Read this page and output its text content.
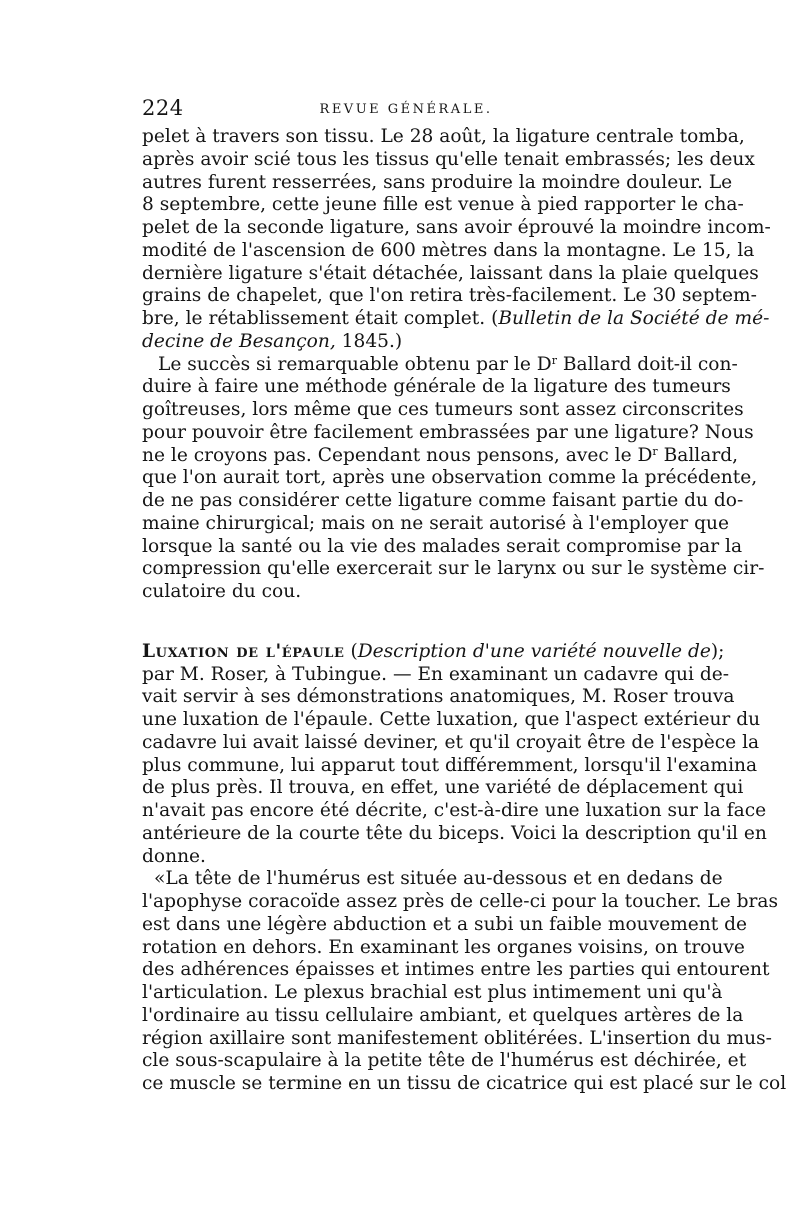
224	REVUE GÉNÉRALE.
pelet à travers son tissu. Le 28 août, la ligature centrale tomba,
après avoir scié tous les tissus qu'elle tenait embrassés; les deux
autres furent resserrées, sans produire la moindre douleur. Le
8 septembre, cette jeune fille est venue à pied rapporter le cha-
pelet de la seconde ligature, sans avoir éprouvé la moindre incom-
modité de l'ascension de 600 mètres dans la montagne. Le 15, la
dernière ligature s'était détachée, laissant dans la plaie quelques
grains de chapelet, que l'on retira très-facilement. Le 30 septem-
bre, le rétablissement était complet. (Bulletin de la Société de mé-
decine de Besançon, 1845.)
Le succès si remarquable obtenu par le $D^r$ Ballard doit-il con-
duire à faire une méthode générale de la ligature des tumeurs
goîtreuses, lors même que ces tumeurs sont assez circonscrites
pour pouvoir être facilement embrassées par une ligature? Nous
ne le croyons pas. Cependant nous pensons, avec le $D^r$ Ballard,
que l'on aurait tort, après une observation comme la précédente,
de ne pas considérer cette ligature comme faisant partie du do-
maine chirurgical; mais on ne serait autorisé à l'employer que
lorsque la santé ou la vie des malades serait compromise par la
compression qu'elle exercerait sur le larynx ou sur le système cir-
culatoire du cou.
Luxation de l'épaule (Description d'une variété nouvelle de);
par M. Roser, à Tubingue. — En examinant un cadavre qui de-
vait servir à ses démonstrations anatomiques, M. Roser trouva
une luxation de l'épaule. Cette luxation, que l'aspect extérieur du
cadavre lui avait laissé deviner, et qu'il croyait être de l'espèce la
plus commune, lui apparut tout différemment, lorsqu'il l'examina
de plus près. Il trouva, en effet, une variété de déplacement qui
n'avait pas encore été décrite, c'est-à-dire une luxation sur la face
antérieure de la courte tête du biceps. Voici la description qu'il en
donne.
«La tête de l'humérus est située au-dessous et en dedans de
l'apophyse coracoïde assez près de celle-ci pour la toucher. Le bras
est dans une légère abduction et a subi un faible mouvement de
rotation en dehors. En examinant les organes voisins, on trouve
des adhérences épaisses et intimes entre les parties qui entourent
l'articulation. Le plexus brachial est plus intimement uni qu'à
l'ordinaire au tissu cellulaire ambiant, et quelques artères de la
région axillaire sont manifestement oblitérées. L'insertion du mus-
cle sous-scapulaire à la petite tête de l'humérus est déchirée, et
ce muscle se termine en un tissu de cicatrice qui est placé sur le col
